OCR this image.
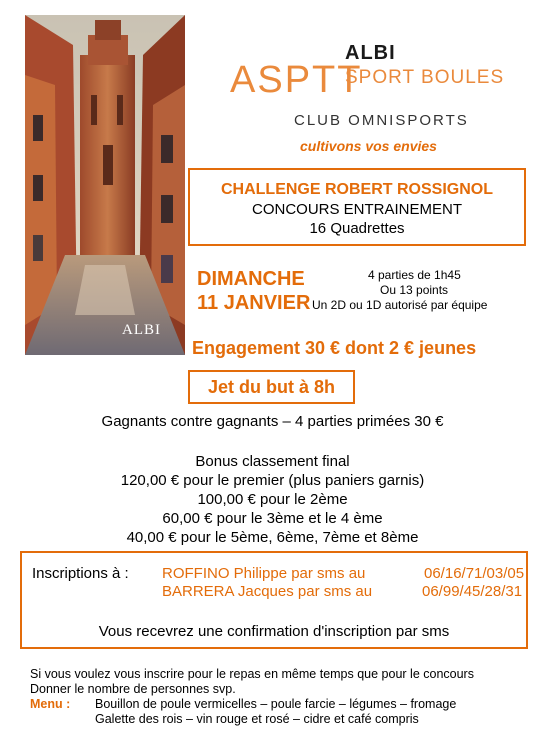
ALBI
ASPTT
ALBI
SPORT BOULES
CLUB OMNISPORTS
cultivons vos envies
CHALLENGE ROBERT ROSSIGNOL
CONCOURS ENTRAINEMENT
16 Quadrettes
DIMANCHE
11 JANVIER
4 parties de 1h45
Ou 13 points
Un 2D ou 1D autorisé par équipe
Engagement 30 € dont 2 € jeunes
Jet du but à 8h
Gagnants contre gagnants – 4 parties primées 30 €
Bonus classement final
120,00 € pour le premier (plus paniers garnis)
100,00 € pour le 2ème
60,00 € pour le 3ème et le 4 ème
40,00 € pour le 5ème, 6ème, 7ème et 8ème
Inscriptions à : ROFFINO Philippe par sms au	06/16/71/03/05
BARRERA Jacques par sms au	06/99/45/28/31
Vous recevrez une confirmation d'inscription par sms
Si vous voulez vous inscrire pour le repas en même temps que pour le concours
Donner le nombre de personnes svp.
Menu : Bouillon de poule vermicelles – poule farcie – légumes – fromage
Galette des rois – vin rouge et rosé – cidre et café compris
